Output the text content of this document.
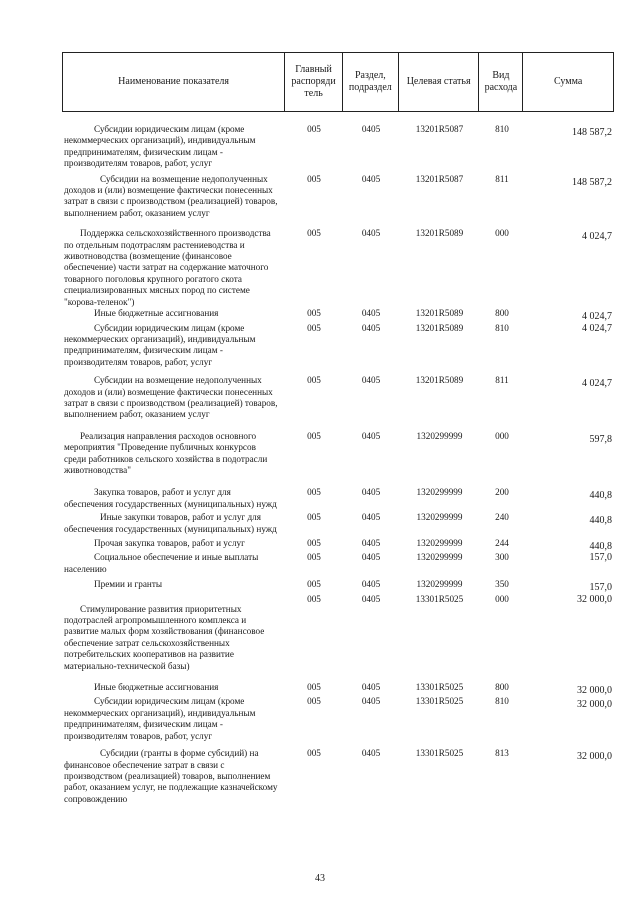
Наименование показателя
Главный распоряди тель
Раздел, подраздел
Целевая статья
Вид расхода
Сумма
Субсидии юридическим лицам (кроме некоммерческих организаций), индивидуальным предпринимателям, физическим лицам - производителям товаров, работ, услуг
005	0405	13201R5087	810	148 587,2
Субсидии на возмещение недополученных доходов и (или) возмещение фактически понесенных затрат в связи с производством (реализацией) товаров, выполнением работ, оказанием услуг
005	0405	13201R5087	811	148 587,2
Поддержка сельскохозяйственного производства по отдельным подотраслям растениеводства и животноводства (возмещение (финансовое обеспечение) части затрат на содержание маточного товарного поголовья крупного рогатого скота специализированных мясных пород по системе "корова-теленок")
005	0405	13201R5089	000	4 024,7
Иные бюджетные ассигнования	005	0405	13201R5089	800	4 024,7
Субсидии юридическим лицам (кроме некоммерческих организаций), индивидуальным предпринимателям, физическим лицам - производителям товаров, работ, услуг
005	0405	13201R5089	810	4 024,7
Субсидии на возмещение недополученных доходов и (или) возмещение фактически понесенных затрат в связи с производством (реализацией) товаров, выполнением работ, оказанием услуг
005	0405	13201R5089	811	4 024,7
Реализация направления расходов основного мероприятия "Проведение публичных конкурсов среди работников сельского хозяйства в подотрасли животноводства"
005	0405	1320299999	000	597,8
Закупка товаров, работ и услуг для обеспечения государственных (муниципальных) нужд
005	0405	1320299999	200	440,8
Иные закупки товаров, работ и услуг для обеспечения государственных (муниципальных) нужд
005	0405	1320299999	240	440,8
Прочая закупка товаров, работ и услуг	005	0405	1320299999	244	440,8
Социальное обеспечение и иные выплаты населению
005	0405	1320299999	300	157,0
Премии и гранты	005	0405	1320299999	350	157,0
Стимулирование развития приоритетных подотраслей агропромышленного комплекса и развитие малых форм хозяйствования (финансовое обеспечение затрат сельскохозяйственных потребительских кооперативов на развитие материально-технической базы)
005	0405	13301R5025	000	32 000,0
Иные бюджетные ассигнования	005	0405	13301R5025	800	32 000,0
Субсидии юридическим лицам (кроме некоммерческих организаций), индивидуальным предпринимателям, физическим лицам - производителям товаров, работ, услуг
005	0405	13301R5025	810	32 000,0
Субсидии (гранты в форме субсидий) на финансовое обеспечение затрат в связи с производством (реализацией) товаров, выполнением работ, оказанием услуг, не подлежащие казначейскому сопровождению
005	0405	13301R5025	813	32 000,0
43
